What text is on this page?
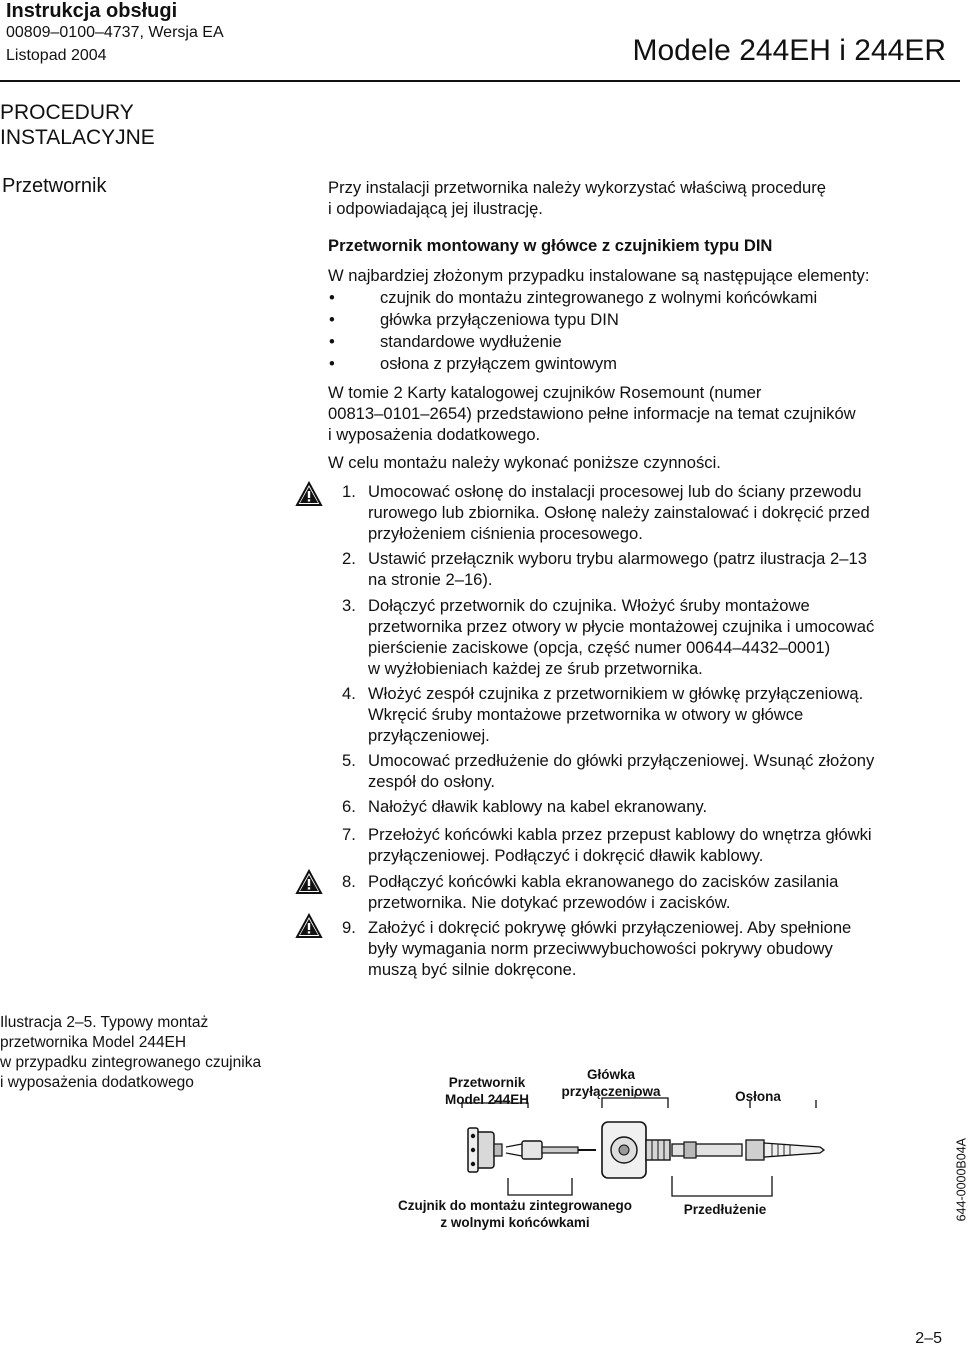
Instrukcja obsługi
00809–0100–4737, Wersja EA
Listopad 2004	Modele 244EH i 244ER
PROCEDURY
INSTALACYJNE
Przetwornik	Przy instalacji przetwornika należy wykorzystać właściwą procedurę
i odpowiadającą jej ilustrację.
Przetwornik montowany w główce z czujnikiem typu DIN
W najbardziej złożonym przypadku instalowane są następujące elementy:
• czujnik do montażu zintegrowanego z wolnymi końcówkami
• główka przyłączeniowa typu DIN
• standardowe wydłużenie
• osłona z przyłączem gwintowym
W tomie 2 Karty katalogowej czujników Rosemount (numer
00813–0101–2654) przedstawiono pełne informacje na temat czujników
i wyposażenia dodatkowego.
W celu montażu należy wykonać poniższe czynności.
1. Umocować osłonę do instalacji procesowej lub do ściany przewodu
rurowego lub zbiornika. Osłonę należy zainstalować i dokręcić przed
przyłożeniem ciśnienia procesowego.
2. Ustawić przełącznik wyboru trybu alarmowego (patrz ilustracja 2–13
na stronie 2–16).
3. Dołączyć przetwornik do czujnika. Włożyć śruby montażowe
przetwornika przez otwory w płycie montażowej czujnika i umocować
pierścienie zaciskowe (opcja, część numer 00644–4432–0001)
w wyżłobieniach każdej ze śrub przetwornika.
4. Włożyć zespół czujnika z przetwornikiem w główkę przyłączeniową.
Wkręcić śruby montażowe przetwornika w otwory w główce
przyłączeniowej.
5. Umocować przedłużenie do główki przyłączeniowej. Wsunąć złożony
zespół do osłony.
6. Nałożyć dławik kablowy na kabel ekranowany.
7. Przełożyć końcówki kabla przez przepust kablowy do wnętrza główki
przyłączeniowej. Podłączyć i dokręcić dławik kablowy.
8. Podłączyć końcówki kabla ekranowanego do zacisków zasilania
przetwornika. Nie dotykać przewodów i zacisków.
9. Założyć i dokręcić pokrywę główki przyłączeniowej. Aby spełnione
były wymagania norm przeciwwybuchowości pokrywy obudowy
muszą być silnie dokręcone.
Ilustracja 2–5. Typowy montaż
przetwornika Model 244EH
w przypadku zintegrowanego czujnika
i wyposażenia dodatkowego	Przetwornik
Model 244EH
Główka
przyłączeniowa	Osłona
Czujnik do montażu zintegrowanego
z wolnymi końcówkami
Przedłużenie	644-0000B04A
2–5
